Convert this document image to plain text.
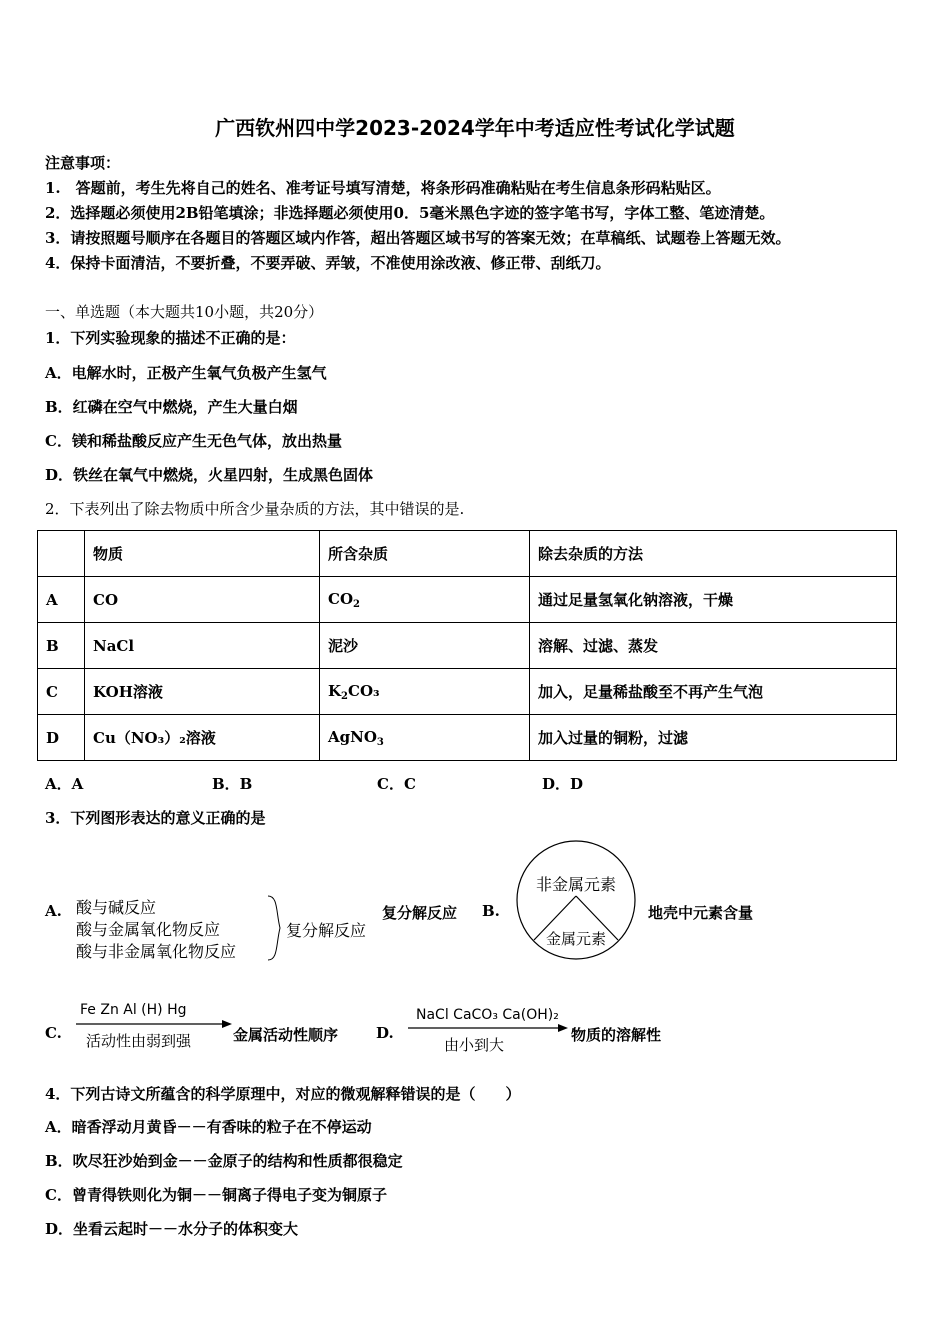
广西钦州四中学2023-2024学年中考适应性考试化学试题
注意事项：
1.　答题前，考生先将自己的姓名、准考证号填写清楚，将条形码准确粘贴在考生信息条形码粘贴区。
2．选择题必须使用2B铅笔填涂；非选择题必须使用0．5毫米黑色字迹的签字笔书写，字体工整、笔迹清楚。
3．请按照题号顺序在各题目的答题区域内作答，超出答题区域书写的答案无效；在草稿纸、试题卷上答题无效。
4．保持卡面清洁，不要折叠，不要弄破、弄皱，不准使用涂改液、修正带、刮纸刀。
一、单选题（本大题共10小题，共20分）
1．下列实验现象的描述不正确的是：
A．电解水时，正极产生氧气负极产生氢气
B．红磷在空气中燃烧，产生大量白烟
C．镁和稀盐酸反应产生无色气体，放出热量
D．铁丝在氧气中燃烧，火星四射，生成黑色固体
2．下表列出了除去物质中所含少量杂质的方法，其中错误的是.
	物质	所含杂质	除去杂质的方法
A	CO	$CO_2$	通过足量氢氧化钠溶液，干燥
B	NaCl	泥沙	溶解、过滤、蒸发
C	KOH溶液	$K_2CO_3$	加入，足量稀盐酸至不再产生气泡
D	Cu（NO₃）₂溶液	AgNO$_3$	加入过量的铜粉，过滤
A．A	B．B	C．C	D．D
3．下列图形表达的意义正确的是
A. 酸与碱反应
酸与金属氧化物反应
酸与非金属氧化物反应
复分解反应
复分解反应 B.
非金属元素
金属元素
地壳中元素含量
C.
Fe Zn Al (H) Hg
活动性由弱到强	金属活动性顺序	D.
NaCl CaCO₃ Ca(OH)₂
由小到大
物质的溶解性
4．下列古诗文所蕴含的科学原理中，对应的微观解释错误的是（　　）
A．暗香浮动月黄昏－－有香味的粒子在不停运动
B．吹尽狂沙始到金－－金原子的结构和性质都很稳定
C．曾青得铁则化为铜－－铜离子得电子变为铜原子
D．坐看云起时－－水分子的体积变大
